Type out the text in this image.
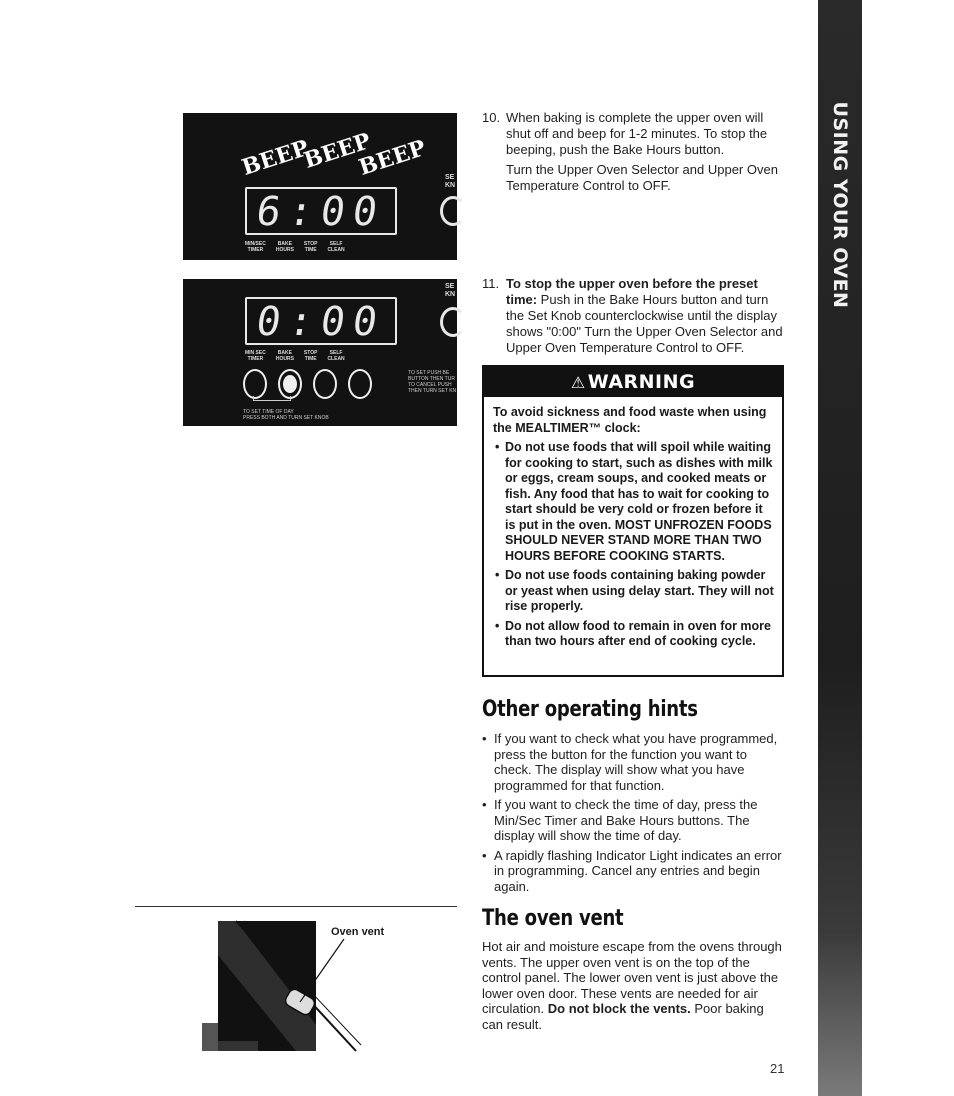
USING YOUR OVEN
BEEP
BEEP
BEEP
6:00
SE
KN
MIN/SEC
TIMER
BAKE
HOURS
STOP
TIME
SELF
CLEAN
0:00
SE
KN
MIN SEC
TIMER
BAKE
HOURS
STOP
TIME
SELF
CLEAN
TO SET PUSH BE
BUTTON THEN TUR
TO CANCEL PUSH
THEN TURN SET KN
TO SET TIME OF DAY
PRESS BOTH AND TURN SET KNOB
10. When baking is complete the upper oven will shut off and beep for 1-2 minutes. To stop the beeping, push the Bake Hours button.

Turn the Upper Oven Selector and Upper Oven Temperature Control to OFF.

11. To stop the upper oven before the preset time: Push in the Bake Hours button and turn the Set Knob counterclockwise until the display shows "0:00" Turn the Upper Oven Selector and Upper Oven Temperature Control to OFF.

⚠ WARNING
To avoid sickness and food waste when using the MEALTIMER™ clock:
• Do not use foods that will spoil while waiting for cooking to start, such as dishes with milk or eggs, cream soups, and cooked meats or fish. Any food that has to wait for cooking to start should be very cold or frozen before it is put in the oven. MOST UNFROZEN FOODS SHOULD NEVER STAND MORE THAN TWO HOURS BEFORE COOKING STARTS.
• Do not use foods containing baking powder or yeast when using delay start. They will not rise properly.
• Do not allow food to remain in oven for more than two hours after end of cooking cycle.
Other operating hints
• If you want to check what you have programmed, press the button for the function you want to check. The display will show what you have programmed for that function.
• If you want to check the time of day, press the Min/Sec Timer and Bake Hours buttons. The display will show the time of day.
• A rapidly flashing Indicator Light indicates an error in programming. Cancel any entries and begin again.
The oven vent
Hot air and moisture escape from the ovens through vents. The upper oven vent is on the top of the control panel. The lower oven vent is just above the lower oven door. These vents are needed for air circulation. Do not block the vents. Poor baking can result.
Oven vent
21
